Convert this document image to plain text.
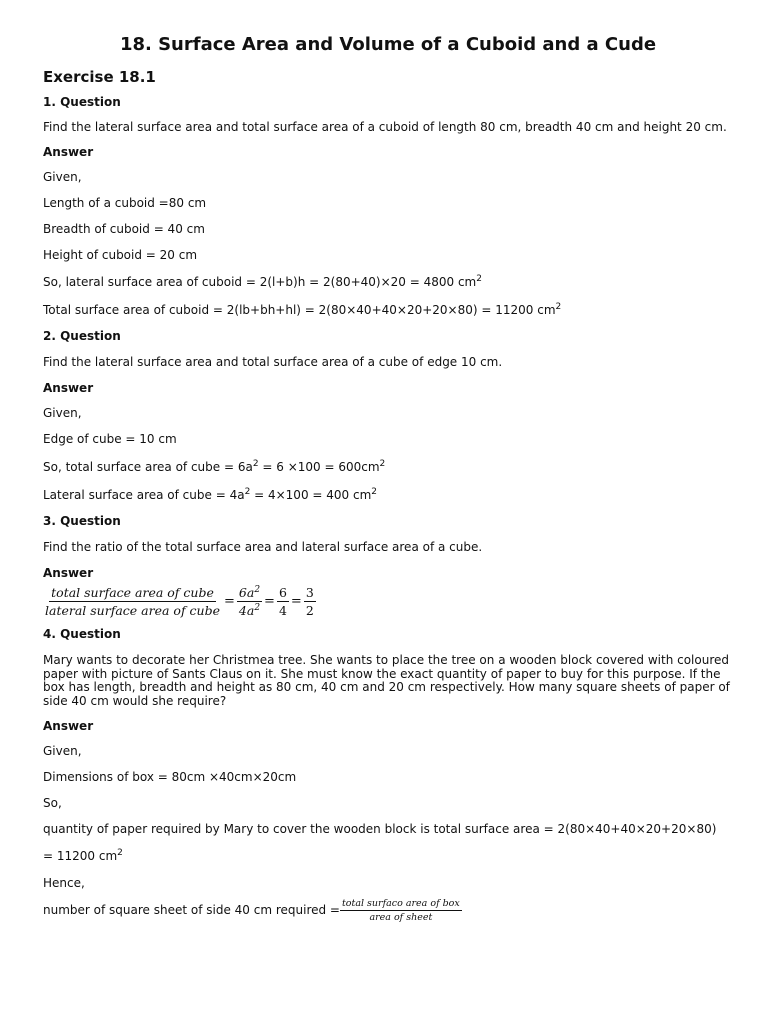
18. Surface Area and Volume of a Cuboid and a Cude
Exercise 18.1
1. Question
Find the lateral surface area and total surface area of a cuboid of length 80 cm, breadth 40 cm and height 20 cm.
Answer
Given,
Length of a cuboid =80 cm
Breadth of cuboid = 40 cm
Height of cuboid = 20 cm
So, lateral surface area of cuboid = 2(l+b)h = 2(80+40)×20 = 4800 $cm^2$
Total surface area of cuboid = 2(lb+bh+hl) = 2(80×40+40×20+20×80) = 11200 $cm^2$
2. Question
Find the lateral surface area and total surface area of a cube of edge 10 cm.
Answer
Given,
Edge of cube = 10 cm
So, total surface area of cube = $6a^2 = 6 \times 100 = 600cm^2$
Lateral surface area of cube = $4a^2 = 4\times 100 = 400$ $cm^2$
3. Question
Find the ratio of the total surface area and lateral surface area of a cube.
Answer
$\frac{\text{total surface area of cube}}{\text{lateral surface area of cube}} = \frac{6a^2}{4a^2} = \frac{6}{4} = \frac{3}{2}$
4. Question
Mary wants to decorate her Christmea tree. She wants to place the tree on a wooden block covered with coloured paper with picture of Sants Claus on it. She must know the exact quantity of paper to buy for this purpose. If the box has length, breadth and height as 80 cm, 40 cm and 20 cm respectively. How many square sheets of paper of side 40 cm would she require?
Answer
Given,
Dimensions of box = 80cm ×40cm×20cm
So,
quantity of paper required by Mary to cover the wooden block is total surface area = 2(80×40+40×20+20×80)
= 11200 $cm^2$
Hence,
number of square sheet of side 40 cm required = $\frac{\text{total surfaco area of box}}{\text{area of sheet}}$
